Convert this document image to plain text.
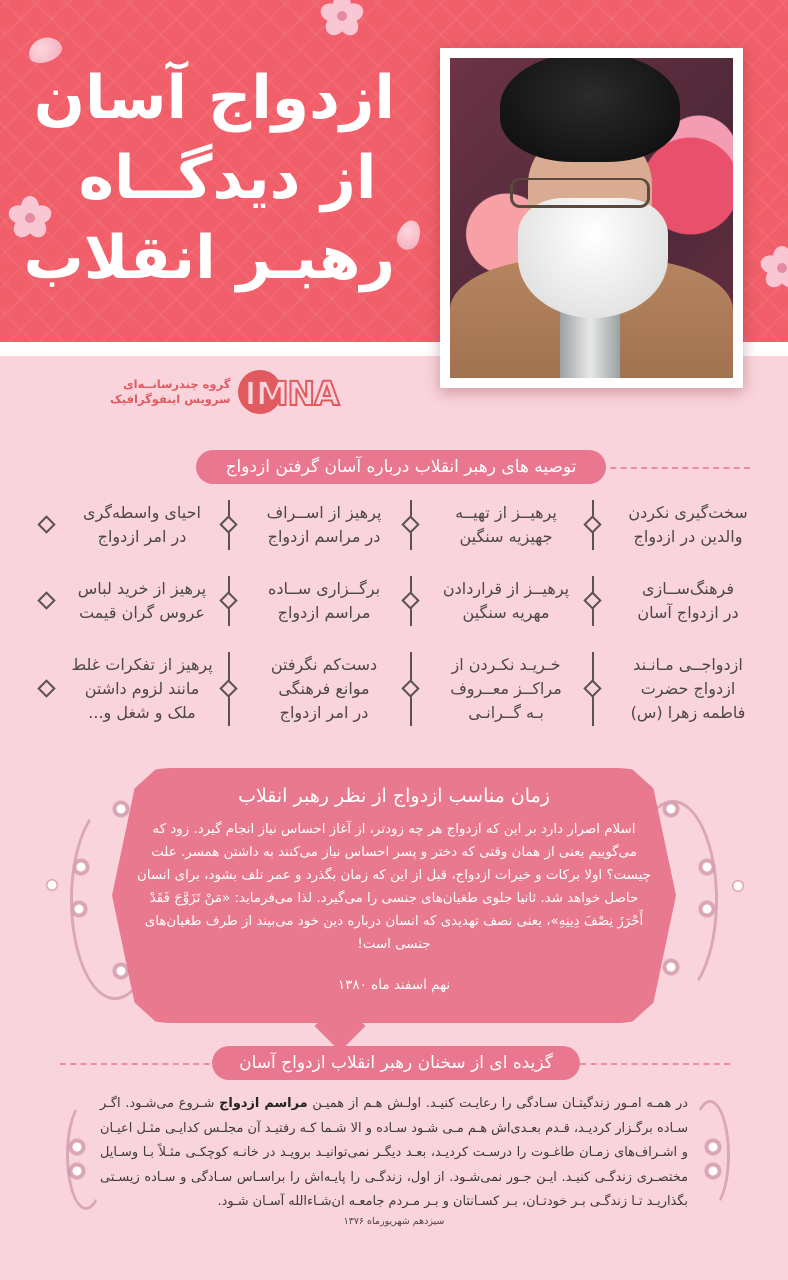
ازدواج آسان
از دیدگــاه
رهبـر انقلاب
گروه چندرسانــه‌ای
سرویس اینفوگرافیک IMNA
توصیه های رهبر انقلاب درباره آسان گرفتن ازدواج
سخت‌گیری نکردن
والدین در ازدواج
پرهیــز از تهیــه
جهیزیه سنگین
پرهیز از اســراف
در مراسم ازدواج
احیای واسطه‌گری
در امر ازدواج
فرهنگ‌ســازی
در ازدواج آسان
پرهیــز از قراردادن
مهریه سنگین
برگــزاری ســاده
مراسم ازدواج
پرهیز از خرید لباس
عروس گران قیمت
ازدواجــی مـانـند
ازدواج حضرت
فاطمه زهرا (س)
خـریـد نکـردن از
مراکــز معــروف
بـه گــرانـی
دست‌کم نگرفتن
موانع فرهنگی
در امر ازدواج
پرهیز از تفکرات غلط
مانند لزوم داشتن
ملک و شغل و...
زمان مناسب ازدواج از نظر رهبر انقلاب
اسلام اصرار دارد بر این که ازدواج هر چه زودتر، از آغاز احساس نیاز انجام گیرد. زود که می‌گوییم یعنی از همان وقتی که دختر و پسر احساس نیاز می‌کنند به داشتن همسر. علت چیست؟ اولا برکات و خیرات ازدواج، قبل از این که زمان بگذرد و عمر تلف بشود، برای انسان حاصل خواهد شد. ثانیا جلوی طغیان‌های جنسی را می‌گیرد. لذا می‌فرماید: «مَنْ تَزَوَّجَ فَقَدْ أَحْرَزَ نِصْفَ دِينِهِ»، یعنی نصف تهدیدی که انسان درباره دین خود می‌بیند از طرف طغیان‌های جنسی است!
نهم اسفند ماه ۱۳۸۰
گزیده ای از سخنان رهبر انقلاب ازدواج آسان
در همـه امـور زندگیتـان سـادگی را رعایـت کنیـد. اولـش هـم از همیـن مراسم ازدواج شـروع می‌شـود. اگـر سـاده برگـزار کردیـد، قـدم بعـدی‌اش هـم مـی شـود سـاده و الا شـما کـه رفتیـد آن مجلـس کدایـی مثـل اعیـان و اشـراف‌های زمـان طاغـوت را درسـت کردیـد، بعـد دیگـر نمی‌توانیـد برویـد در خانـه کوچکـی مثـلاً بـا وسـایل مختصـری زندگـی کنیـد. ایـن جـور نمی‌شـود. از اول، زندگـی را پایـه‌اش را براسـاس سـادگی و سـاده زیسـتی بگذاریـد تـا زندگـی بـر خودتـان، بـر کسـانتان و بـر مـردم جامعـه ان‌شـاءالله آسـان شـود.
سیزدهم شهریورماه ۱۳۷۶
